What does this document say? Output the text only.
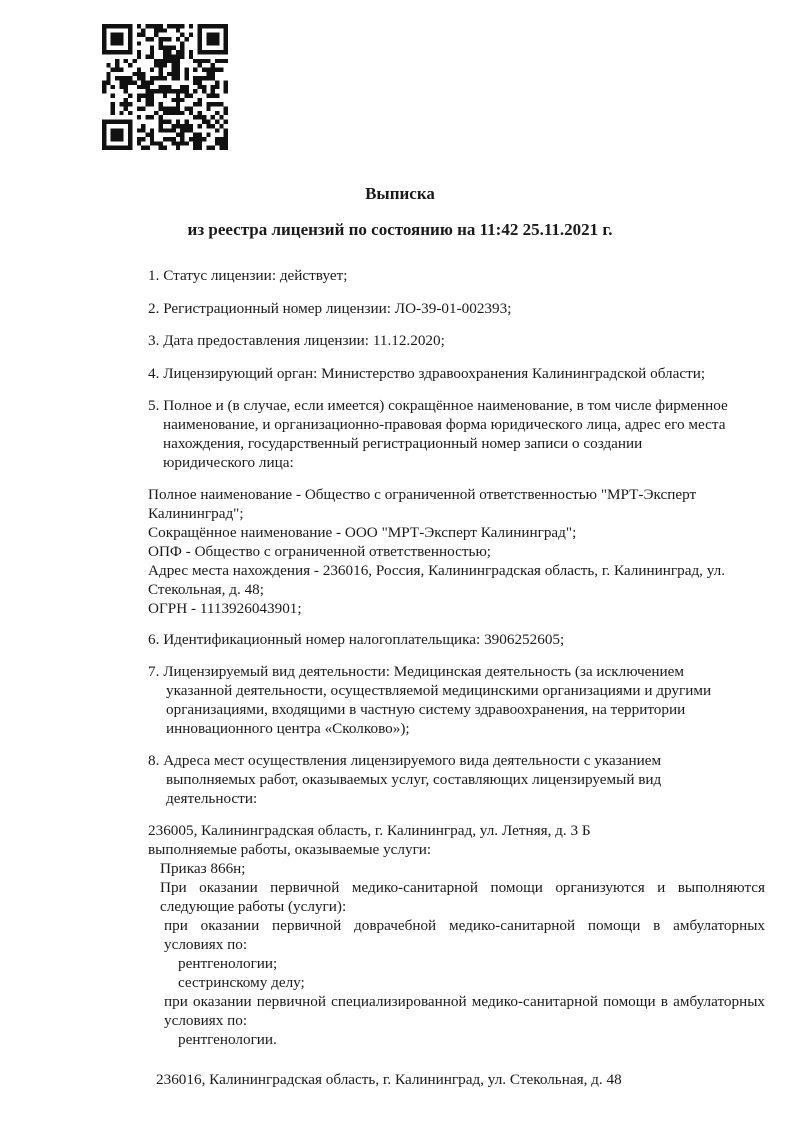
Выписка
из реестра лицензий по состоянию на 11:42 25.11.2021 г.
1. Статус лицензии: действует;
2. Регистрационный номер лицензии: ЛО-39-01-002393;
3. Дата предоставления лицензии: 11.12.2020;
4. Лицензирующий орган: Министерство здравоохранения Калининградской области;
5. Полное и (в случае, если имеется) сокращённое наименование, в том числе фирменное
наименование, и организационно-правовая форма юридического лица, адрес его места
нахождения, государственный регистрационный номер записи о создании
юридического лица:
Полное наименование - Общество с ограниченной ответственностью "МРТ-Эксперт
Калининград";
Сокращённое наименование - ООО "МРТ-Эксперт Калининград";
ОПФ - Общество с ограниченной ответственностью;
Адрес места нахождения - 236016, Россия, Калининградская область, г. Калининград, ул.
Стекольная, д. 48;
ОГРН - 1113926043901;
6. Идентификационный номер налогоплательщика: 3906252605;
7. Лицензируемый вид деятельности: Медицинская деятельность (за исключением
указанной деятельности, осуществляемой медицинскими организациями и другими
организациями, входящими в частную систему здравоохранения, на территории
инновационного центра «Сколково»);
8. Адреса мест осуществления лицензируемого вида деятельности с указанием
выполняемых работ, оказываемых услуг, составляющих лицензируемый вид
деятельности:
236005, Калининградская область, г. Калининград, ул. Летняя, д. 3 Б
выполняемые работы, оказываемые услуги:
Приказ 866н;
При оказании первичной медико-санитарной помощи организуются и выполняются следующие работы (услуги):
при оказании первичной доврачебной медико-санитарной помощи в амбулаторных условиях по:
рентгенологии;
сестринскому делу;
при оказании первичной специализированной медико-санитарной помощи в амбулаторных условиях по:
рентгенологии.
236016, Калининградская область, г. Калининград, ул. Стекольная, д. 48
